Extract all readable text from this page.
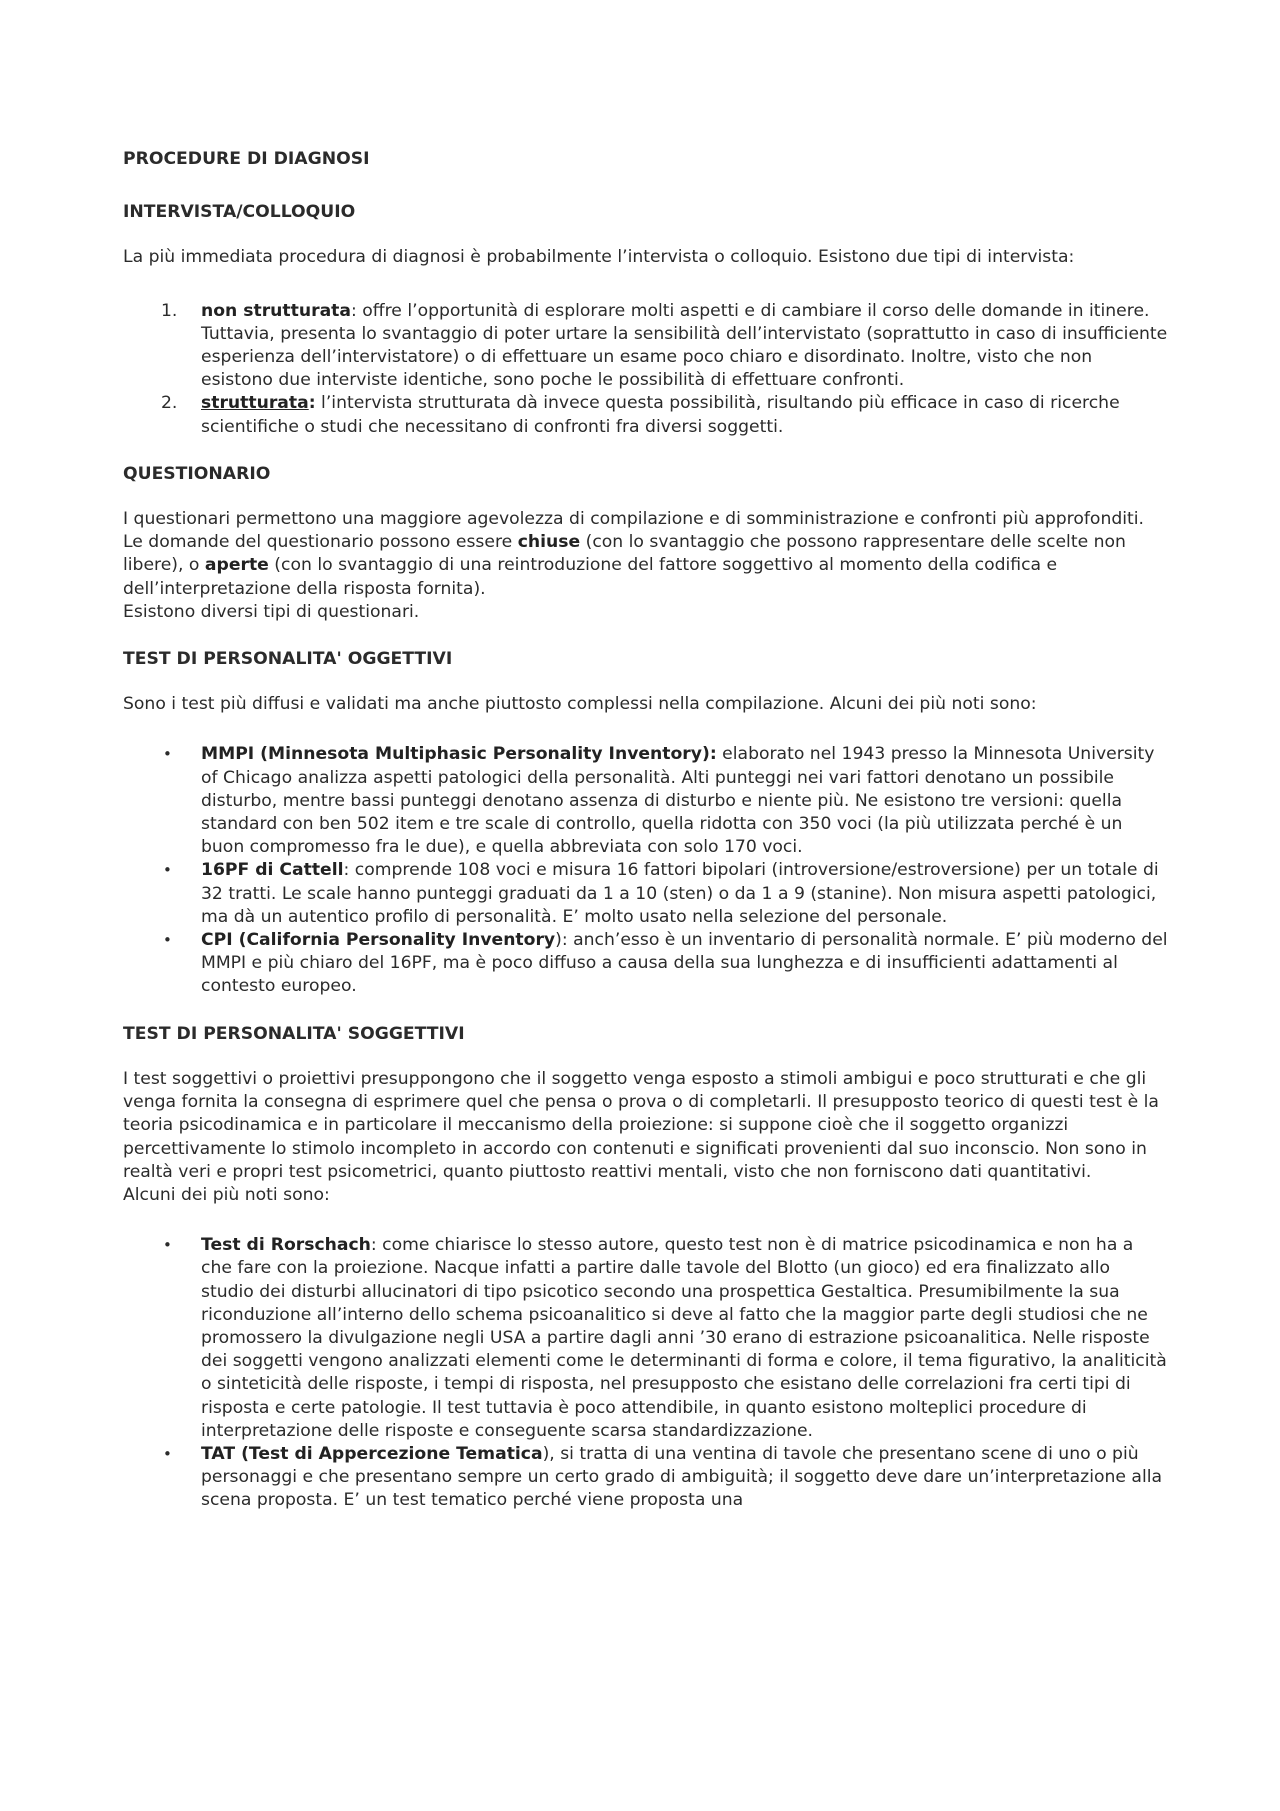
PROCEDURE DI DIAGNOSI
INTERVISTA/COLLOQUIO

La più immediata procedura di diagnosi è probabilmente l’intervista o colloquio. Esistono due tipi di intervista:

1.	non strutturata: offre l’opportunità di esplorare molti aspetti e di cambiare il corso delle domande in itinere. Tuttavia, presenta lo svantaggio di poter urtare la sensibilità dell’intervistato (soprattutto in caso di insufficiente esperienza dell’intervistatore) o di effettuare un esame poco chiaro e disordinato. Inoltre, visto che non esistono due interviste identiche, sono poche le possibilità di effettuare confronti.
2.	strutturata: l’intervista strutturata dà invece questa possibilità, risultando più efficace in caso di ricerche scientifiche o studi che necessitano di confronti fra diversi soggetti.
QUESTIONARIO

I questionari permettono una maggiore agevolezza di compilazione e di somministrazione e confronti più approfonditi.

Le domande del questionario possono essere chiuse (con lo svantaggio che possono rappresentare delle scelte non libere), o aperte (con lo svantaggio di una reintroduzione del fattore soggettivo al momento della codifica e dell’interpretazione della risposta fornita).

Esistono diversi tipi di questionari.

TEST DI PERSONALITA' OGGETTIVI

Sono i test più diffusi e validati ma anche piuttosto complessi nella compilazione. Alcuni dei più noti sono:

• MMPI (Minnesota Multiphasic Personality Inventory): elaborato nel 1943 presso la Minnesota University of Chicago analizza aspetti patologici della personalità. Alti punteggi nei vari fattori denotano un possibile disturbo, mentre bassi punteggi denotano assenza di disturbo e niente più. Ne esistono tre versioni: quella standard con ben 502 item e tre scale di controllo, quella ridotta con 350 voci (la più utilizzata perché è un buon compromesso fra le due), e quella abbreviata con solo 170 voci.
• 16PF di Cattell: comprende 108 voci e misura 16 fattori bipolari (introversione/estroversione) per un totale di 32 tratti. Le scale hanno punteggi graduati da 1 a 10 (sten) o da 1 a 9 (stanine). Non misura aspetti patologici, ma dà un autentico profilo di personalità. E’ molto usato nella selezione del personale.
• CPI (California Personality Inventory): anch’esso è un inventario di personalità normale. E’ più moderno del MMPI e più chiaro del 16PF, ma è poco diffuso a causa della sua lunghezza e di insufficienti adattamenti al contesto europeo.
TEST DI PERSONALITA' SOGGETTIVI

I test soggettivi o proiettivi presuppongono che il soggetto venga esposto a stimoli ambigui e poco strutturati e che gli venga fornita la consegna di esprimere quel che pensa o prova o di completarli. Il presupposto teorico di questi test è la teoria psicodinamica e in particolare il meccanismo della proiezione: si suppone cioè che il soggetto organizzi percettivamente lo stimolo incompleto in accordo con contenuti e significati provenienti dal suo inconscio. Non sono in realtà veri e propri test psicometrici, quanto piuttosto reattivi mentali, visto che non forniscono dati quantitativi.

Alcuni dei più noti sono:

• Test di Rorschach: come chiarisce lo stesso autore, questo test non è di matrice psicodinamica e non ha a che fare con la proiezione. Nacque infatti a partire dalle tavole del Blotto (un gioco) ed era finalizzato allo studio dei disturbi allucinatori di tipo psicotico secondo una prospettica Gestaltica. Presumibilmente la sua riconduzione all’interno dello schema psicoanalitico si deve al fatto che la maggior parte degli studiosi che ne promossero la divulgazione negli USA a partire dagli anni ’30 erano di estrazione psicoanalitica. Nelle risposte dei soggetti vengono analizzati elementi come le determinanti di forma e colore, il tema figurativo, la analiticità o sinteticità delle risposte, i tempi di risposta, nel presupposto che esistano delle correlazioni fra certi tipi di risposta e certe patologie. Il test tuttavia è poco attendibile, in quanto esistono molteplici procedure di interpretazione delle risposte e conseguente scarsa standardizzazione.
• TAT (Test di Appercezione Tematica), si tratta di una ventina di tavole che presentano scene di uno o più personaggi e che presentano sempre un certo grado di ambiguità; il soggetto deve dare un’interpretazione alla scena proposta. E’ un test tematico perché viene proposta una
